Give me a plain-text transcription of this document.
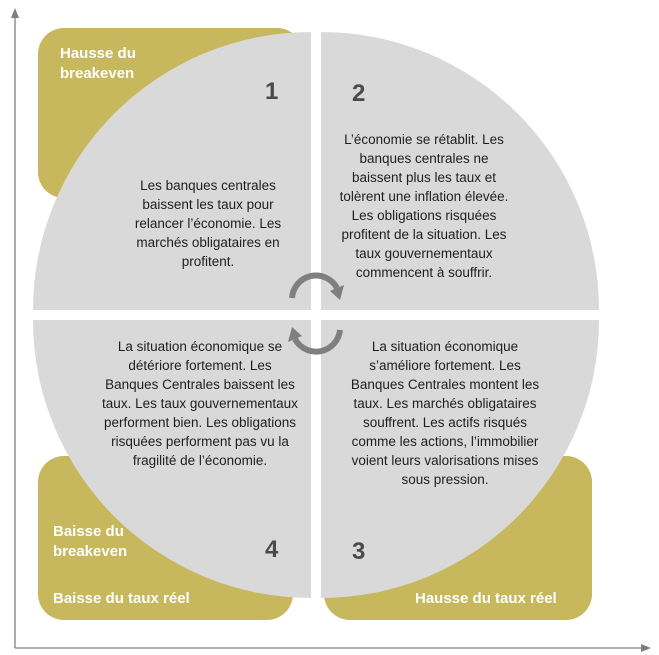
Hausse du breakeven
Baisse du breakeven
Baisse du taux réel	Hausse du taux réel
1	2
3
4
Les banques centrales baissent les taux pour relancer l’économie. Les marchés obligataires en profitent.
L’économie se rétablit. Les banques centrales ne baissent plus les taux et tolèrent une inflation élevée. Les obligations risquées profitent de la situation. Les taux gouvernementaux commencent à souffrir.
La situation économique s’améliore fortement. Les Banques Centrales montent les taux. Les marchés obligataires souffrent. Les actifs risqués comme les actions, l’immobilier voient leurs valorisations mises sous pression.
La situation économique se détériore fortement. Les Banques Centrales baissent les taux. Les taux gouvernementaux performent bien. Les obligations risquées performent pas vu la fragilité de l’économie.
